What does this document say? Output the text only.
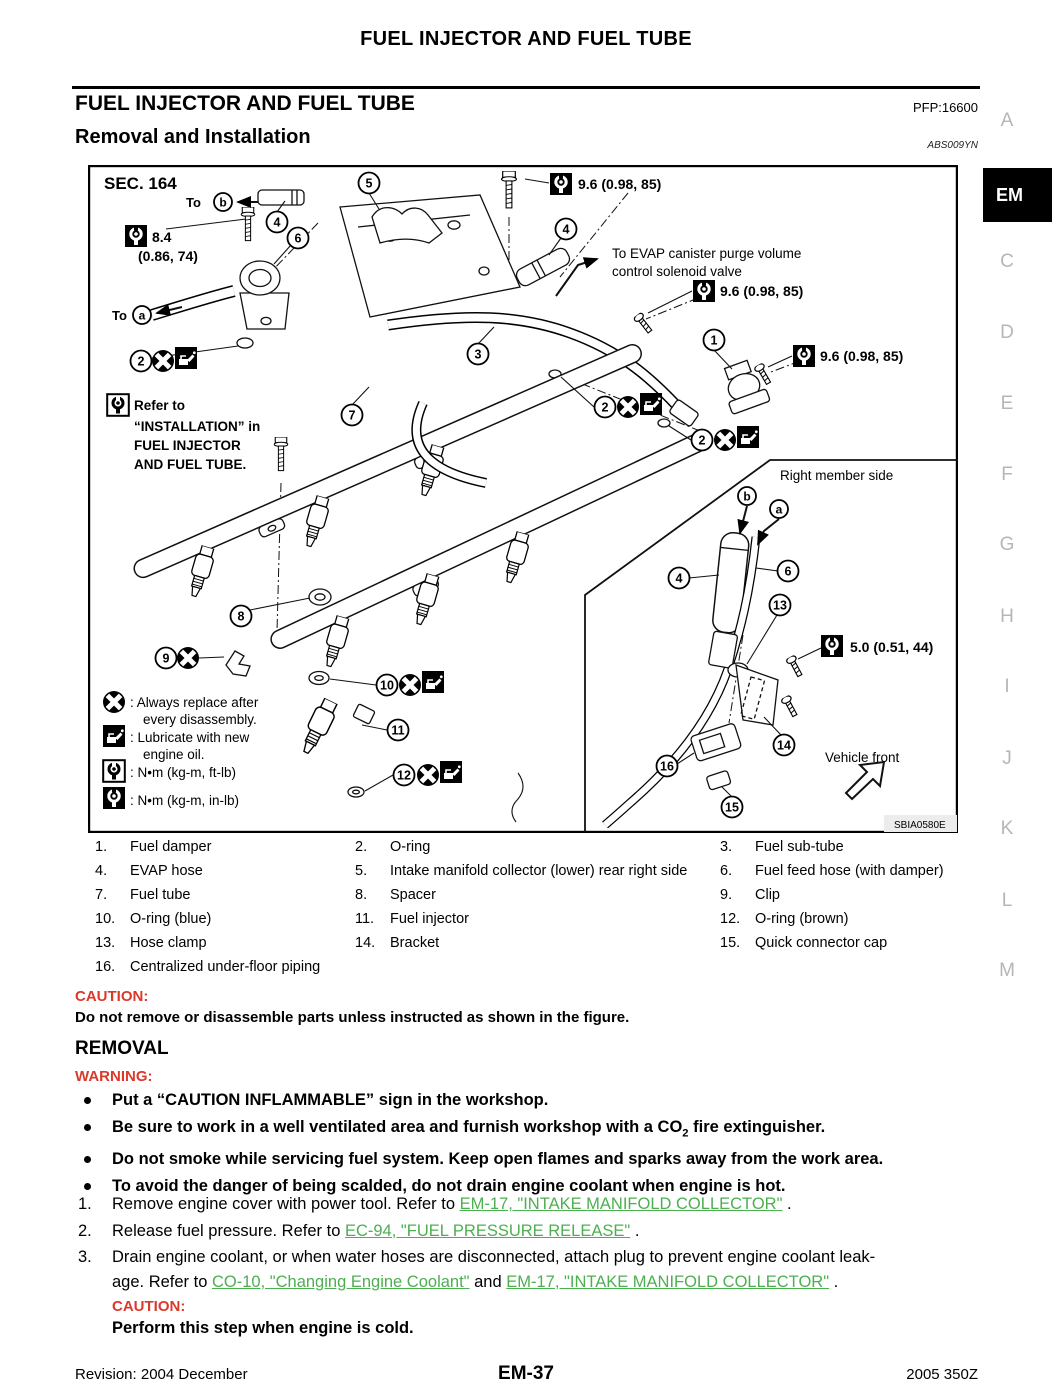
FUEL INJECTOR AND FUEL TUBE
FUEL INJECTOR AND FUEL TUBE	PFP:16600
Removal and Installation	ABS009YN
5
b
4
6
a
2
4
3
1
2
2
7
8
9
10
11
12
b
a
4	6
13
14
16
15
SEC. 164
To
To
8.4
(0.86, 74)
9.6 (0.98, 85)
To EVAP canister purge volume
control solenoid valve
9.6 (0.98, 85)
9.6 (0.98, 85)
Refer to
“INSTALLATION” in
FUEL INJECTOR
AND FUEL TUBE.
: Always replace after
every disassembly.
: Lubricate with new
engine oil.
: N•m (kg-m, ft-lb)
: N•m (kg-m, in-lb)
Right member side
5.0 (0.51, 44)
Vehicle front
SBIA0580E
1.	Fuel damper	2.	O-ring	3.	Fuel sub-tube
4.	EVAP hose	5.	Intake manifold collector (lower) rear right side 6.	Fuel feed hose (with damper)
7.	Fuel tube	8.	Spacer	9.	Clip
10.	O-ring (blue)	11.	Fuel injector	12.	O-ring (brown)
13.	Hose clamp	14.	Bracket	15.	Quick connector cap
16.	Centralized under-floor piping
CAUTION:
Do not remove or disassemble parts unless instructed as shown in the figure.
REMOVAL
WARNING:
Put a “CAUTION INFLAMMABLE” sign in the workshop.
Be sure to work in a well ventilated area and furnish workshop with a $CO_2$ fire extinguisher.
Do not smoke while servicing fuel system. Keep open flames and sparks away from the work area.
To avoid the danger of being scalded, do not drain engine coolant when engine is hot.
1. Remove engine cover with power tool. Refer to EM-17, "INTAKE MANIFOLD COLLECTOR" .
2. Release fuel pressure. Refer to EC-94, "FUEL PRESSURE RELEASE" .
3. Drain engine coolant, or when water hoses are disconnected, attach plug to prevent engine coolant leak-
age. Refer to CO-10, "Changing Engine Coolant" and EM-17, "INTAKE MANIFOLD COLLECTOR" .
CAUTION:
Perform this step when engine is cold.
Revision: 2004 December	EM-37	2005 350Z
A
EM
C
D
E
F
G
H
I
J
K
L
M
